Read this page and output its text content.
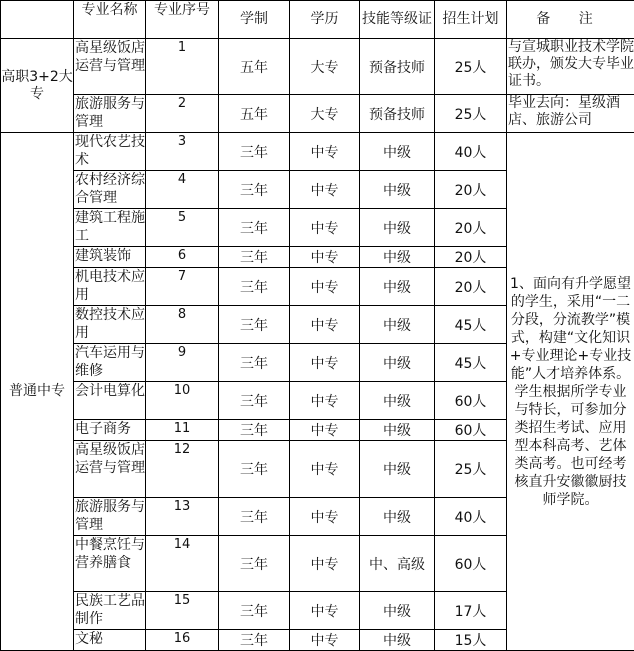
	专业名称	专业序号	学制	学历	技能等级证	招生计划	备 注
高职3+2大专	高星级饭店运营与管理	1	五年	大专	预备技师	25人	与宣城职业技术学院联办，颁发大专毕业证书。
	旅游服务与管理	2	五年	大专	预备技师	25人	毕业去向：星级酒店、旅游公司
普通中专	现代农艺技术	3	三年	中专	中级	40人	1、面向有升学愿望的学生，采用“一二分段，分流教学”模式，构建“文化知识+专业理论+专业技能”人才培养体系。学生根据所学专业与特长，可参加分类招生考试、应用型本科高考、艺体类高考。也可经考核直升安徽徽厨技师学院。
	农村经济综合管理	4	三年	中专	中级	20人	
	建筑工程施工	5	三年	中专	中级	20人	
	建筑装饰	6	三年	中专	中级	20人	
	机电技术应用	7	三年	中专	中级	20人	
	数控技术应用	8	三年	中专	中级	45人	
	汽车运用与维修	9	三年	中专	中级	45人	
	会计电算化	10	三年	中专	中级	60人	
	电子商务	11	三年	中专	中级	60人	
	高星级饭店运营与管理	12	三年	中专	中级	25人	
	旅游服务与管理	13	三年	中专	中级	40人	
	中餐烹饪与营养膳食	14	三年	中专	中、高级	60人	
	民族工艺品制作	15	三年	中专	中级	17人	
	文秘	16	三年	中专	中级	15人	
